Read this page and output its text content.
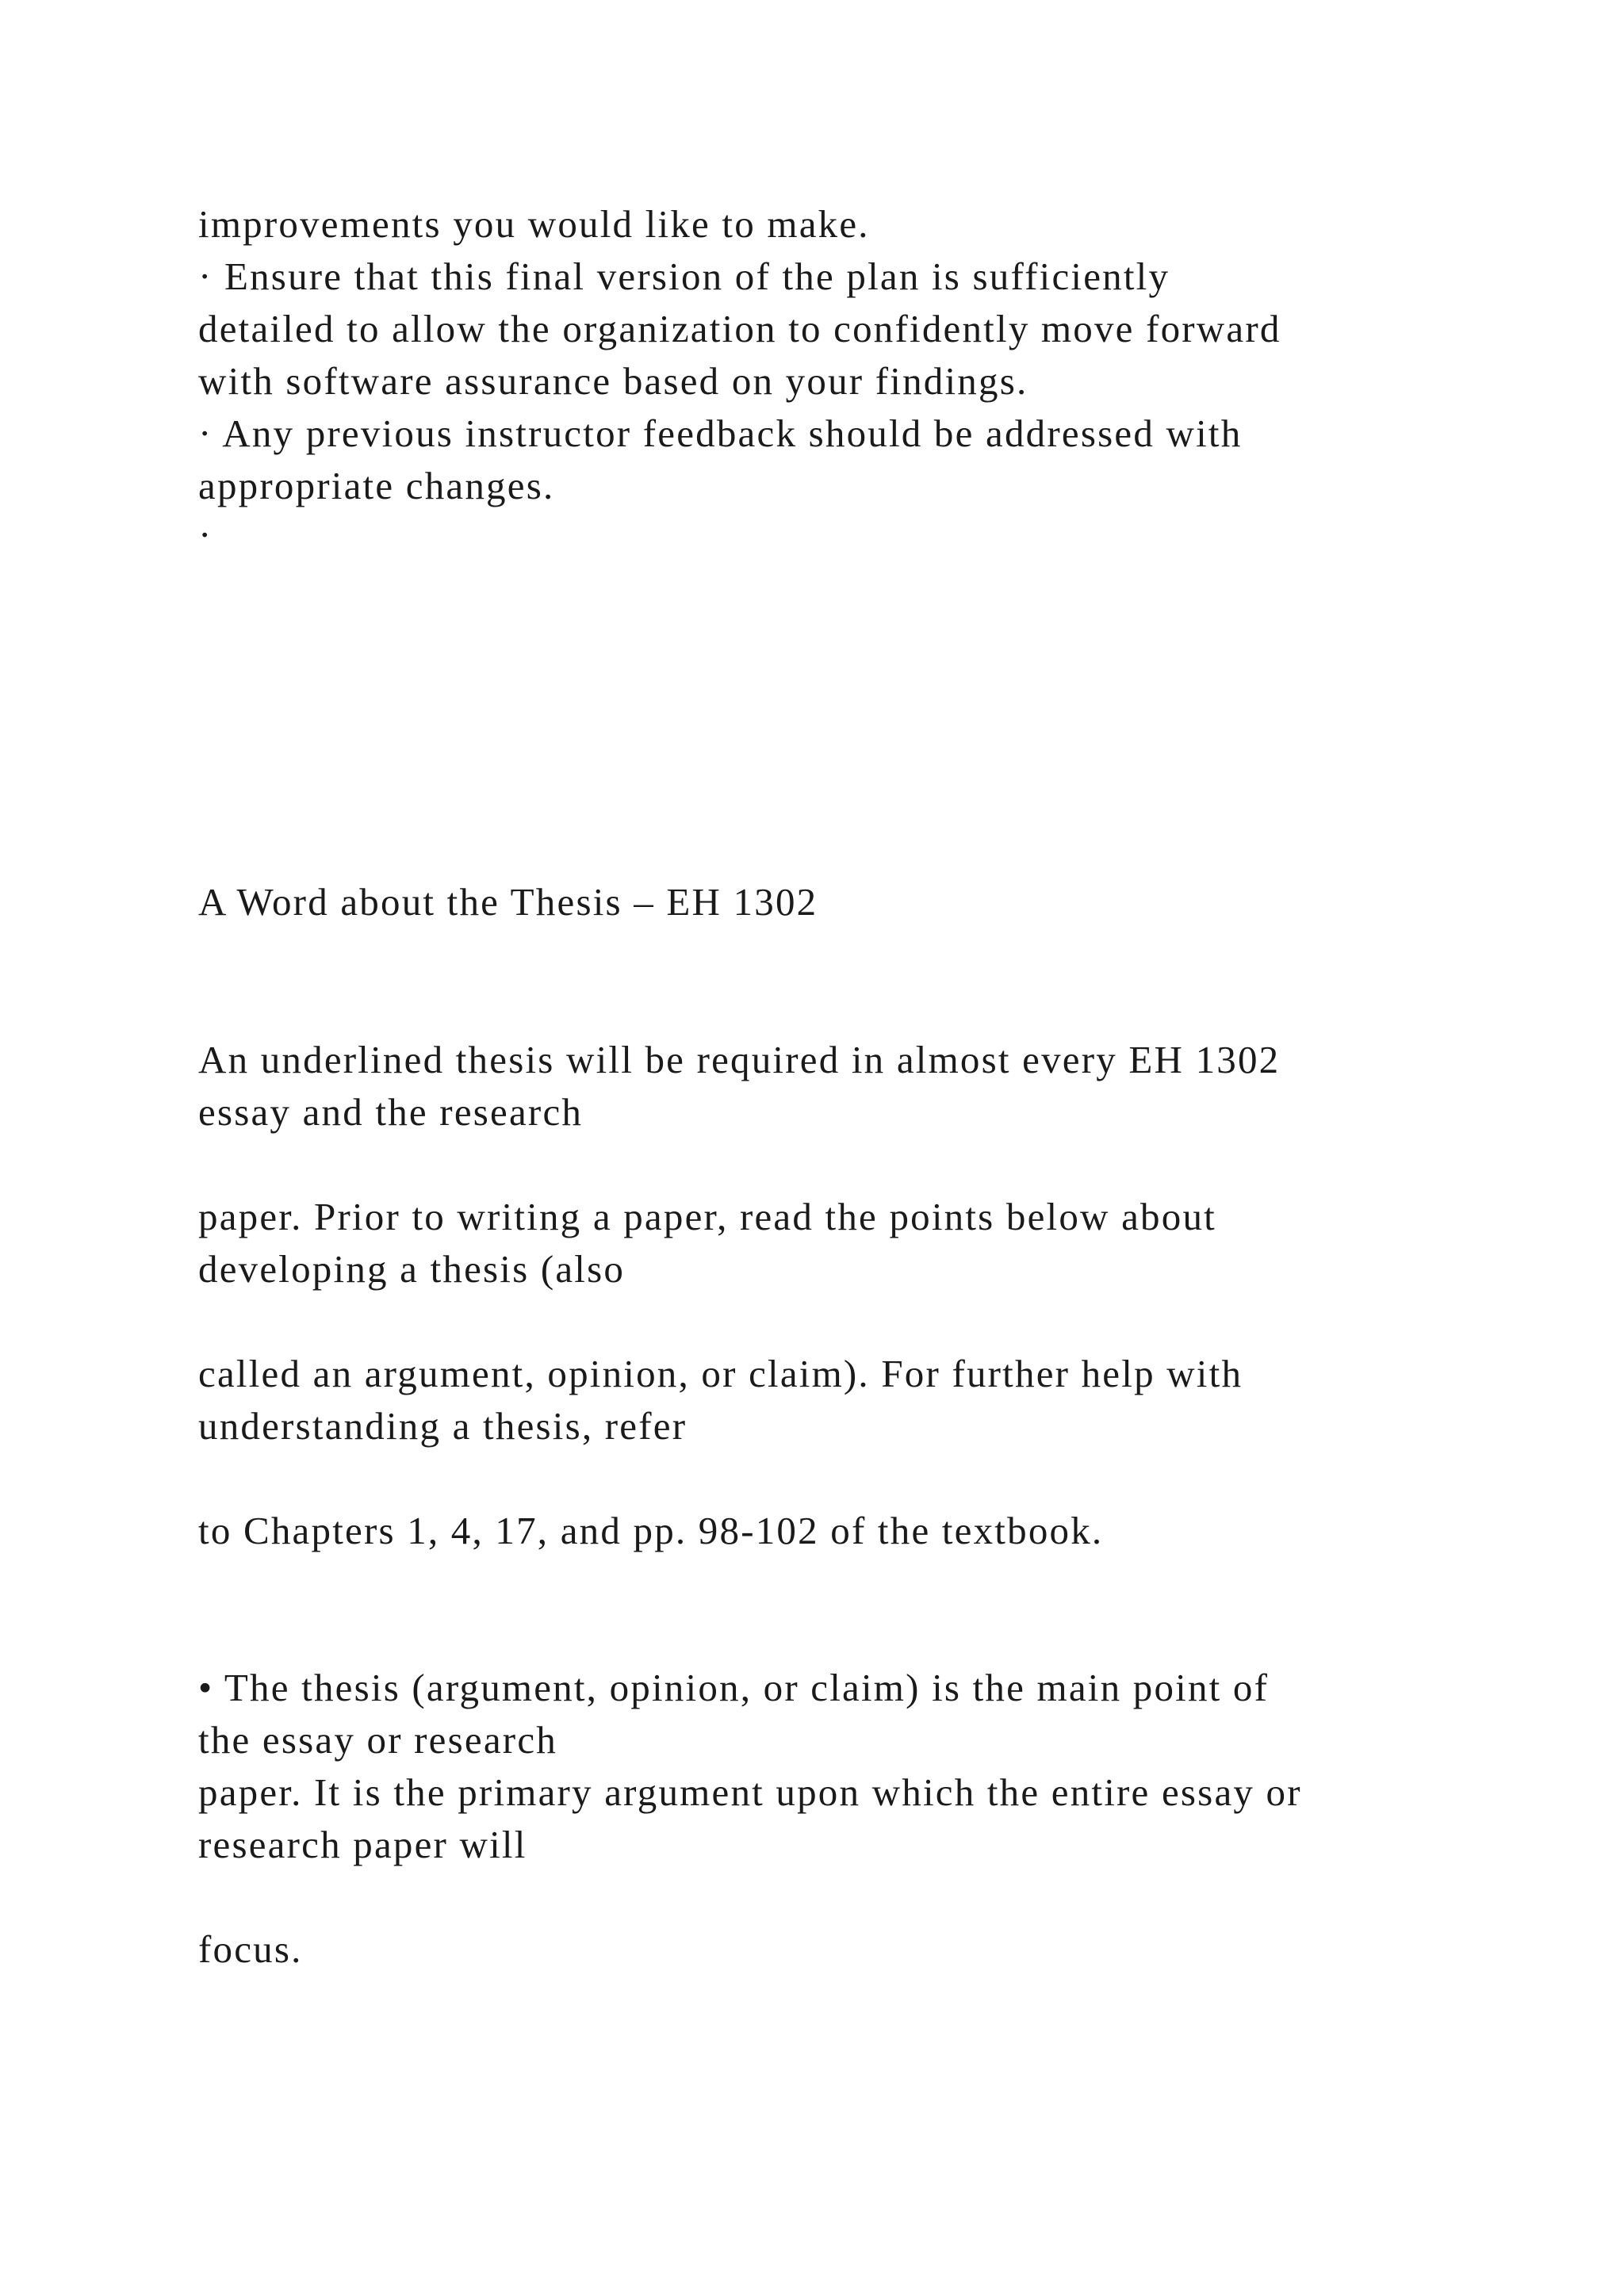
improvements you would like to make.
· Ensure that this final version of the plan is sufficiently
detailed to allow the organization to confidently move forward
with software assurance based on your findings.
· Any previous instructor feedback should be addressed with
appropriate changes.
·
A Word about the Thesis – EH 1302
An underlined thesis will be required in almost every EH 1302
essay and the research
paper. Prior to writing a paper, read the points below about
developing a thesis (also
called an argument, opinion, or claim). For further help with
understanding a thesis, refer
to Chapters 1, 4, 17, and pp. 98-102 of the textbook.
• The thesis (argument, opinion, or claim) is the main point of
the essay or research
paper. It is the primary argument upon which the entire essay or
research paper will
focus.
